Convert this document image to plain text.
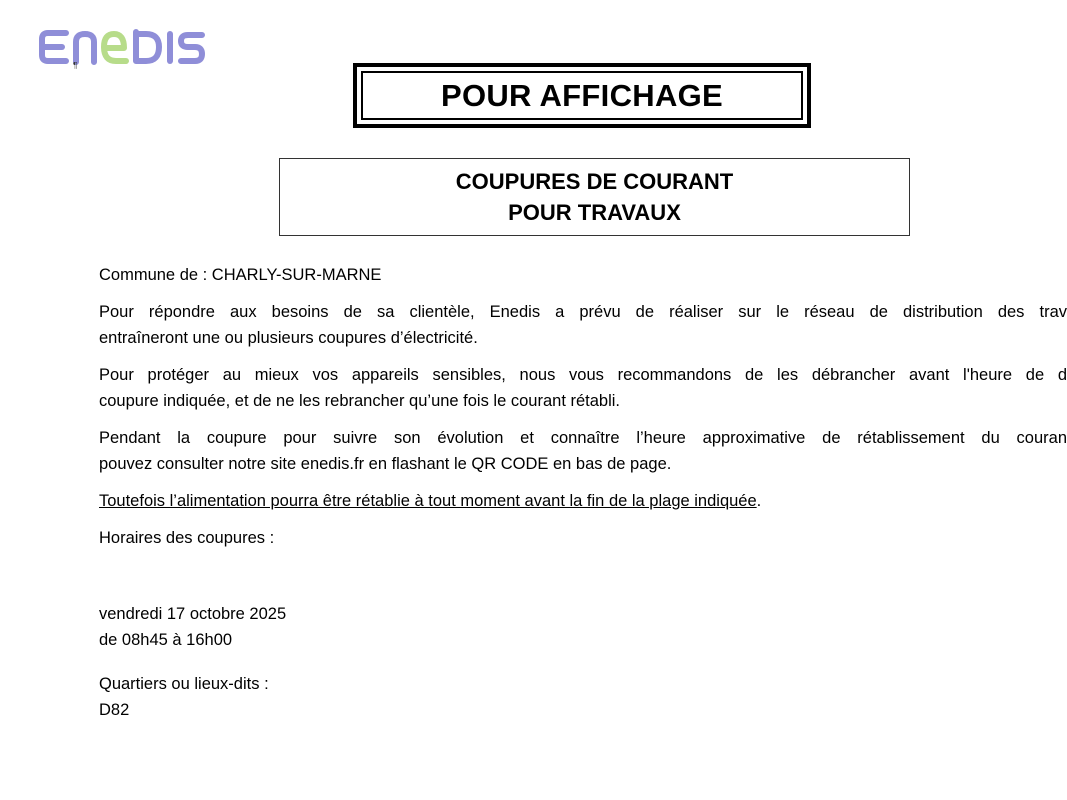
¶
POUR AFFICHAGE
COUPURES DE COURANT
POUR TRAVAUX

Commune de : CHARLY-SUR-MARNE

Pour répondre aux besoins de sa clientèle, Enedis a prévu de réaliser sur le réseau de distribution des trav

entraîneront une ou plusieurs coupures d’électricité.

Pour protéger au mieux vos appareils sensibles, nous vous recommandons de les débrancher avant l'heure de d

coupure indiquée, et de ne les rebrancher qu’une fois le courant rétabli.

Pendant la coupure pour suivre son évolution et connaître l’heure approximative de rétablissement du couran

pouvez consulter notre site enedis.fr en flashant le QR CODE en bas de page.

Toutefois l’alimentation pourra être rétablie à tout moment avant la fin de la plage indiquée.

Horaires des coupures :

vendredi 17 octobre 2025

de 08h45 à 16h00

Quartiers ou lieux-dits :

D82
